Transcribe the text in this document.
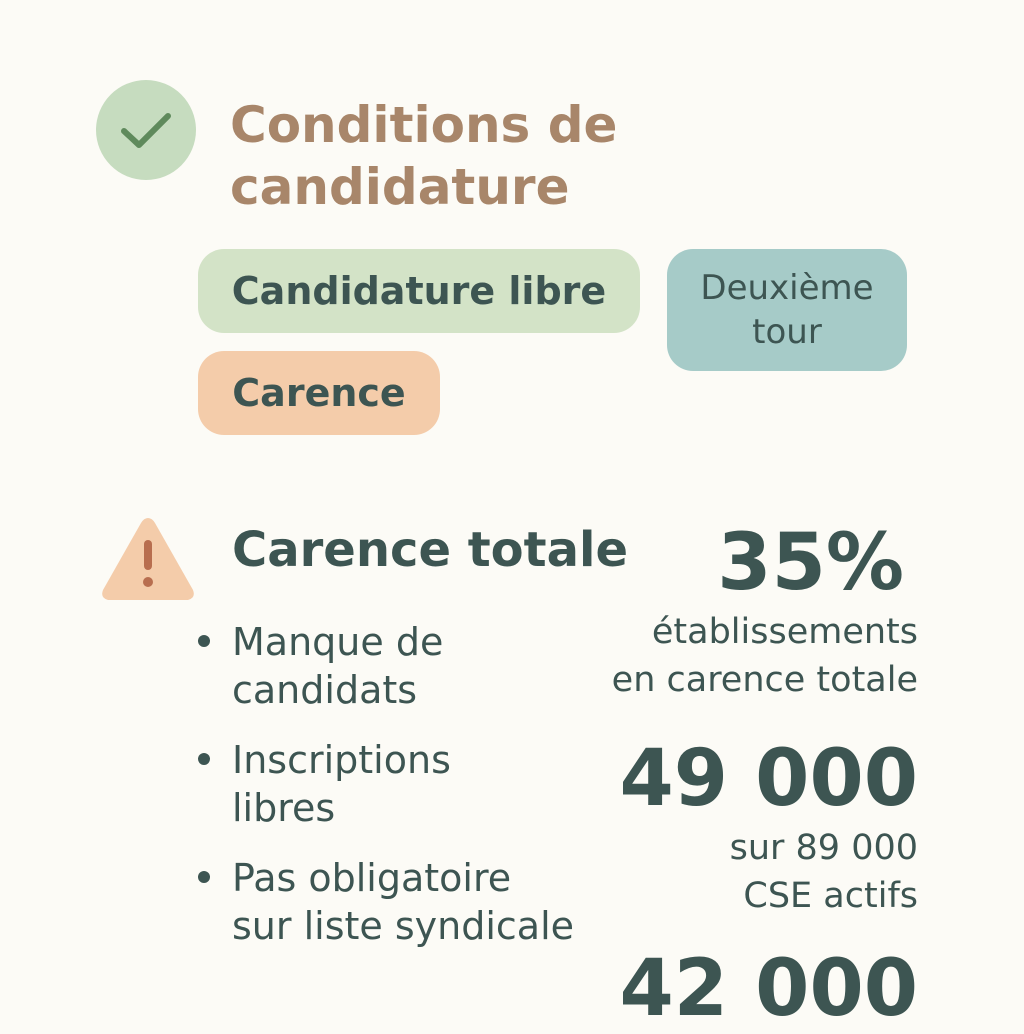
Conditions de
candidature
Candidature libre	Deuxième
tour
Carence
Carence totale
Manque de
candidats
Inscriptions
libres
Pas obligatoire
sur liste syndicale
35%
établissements
en carence totale
49 000
sur 89 000
CSE actifs
42 000
